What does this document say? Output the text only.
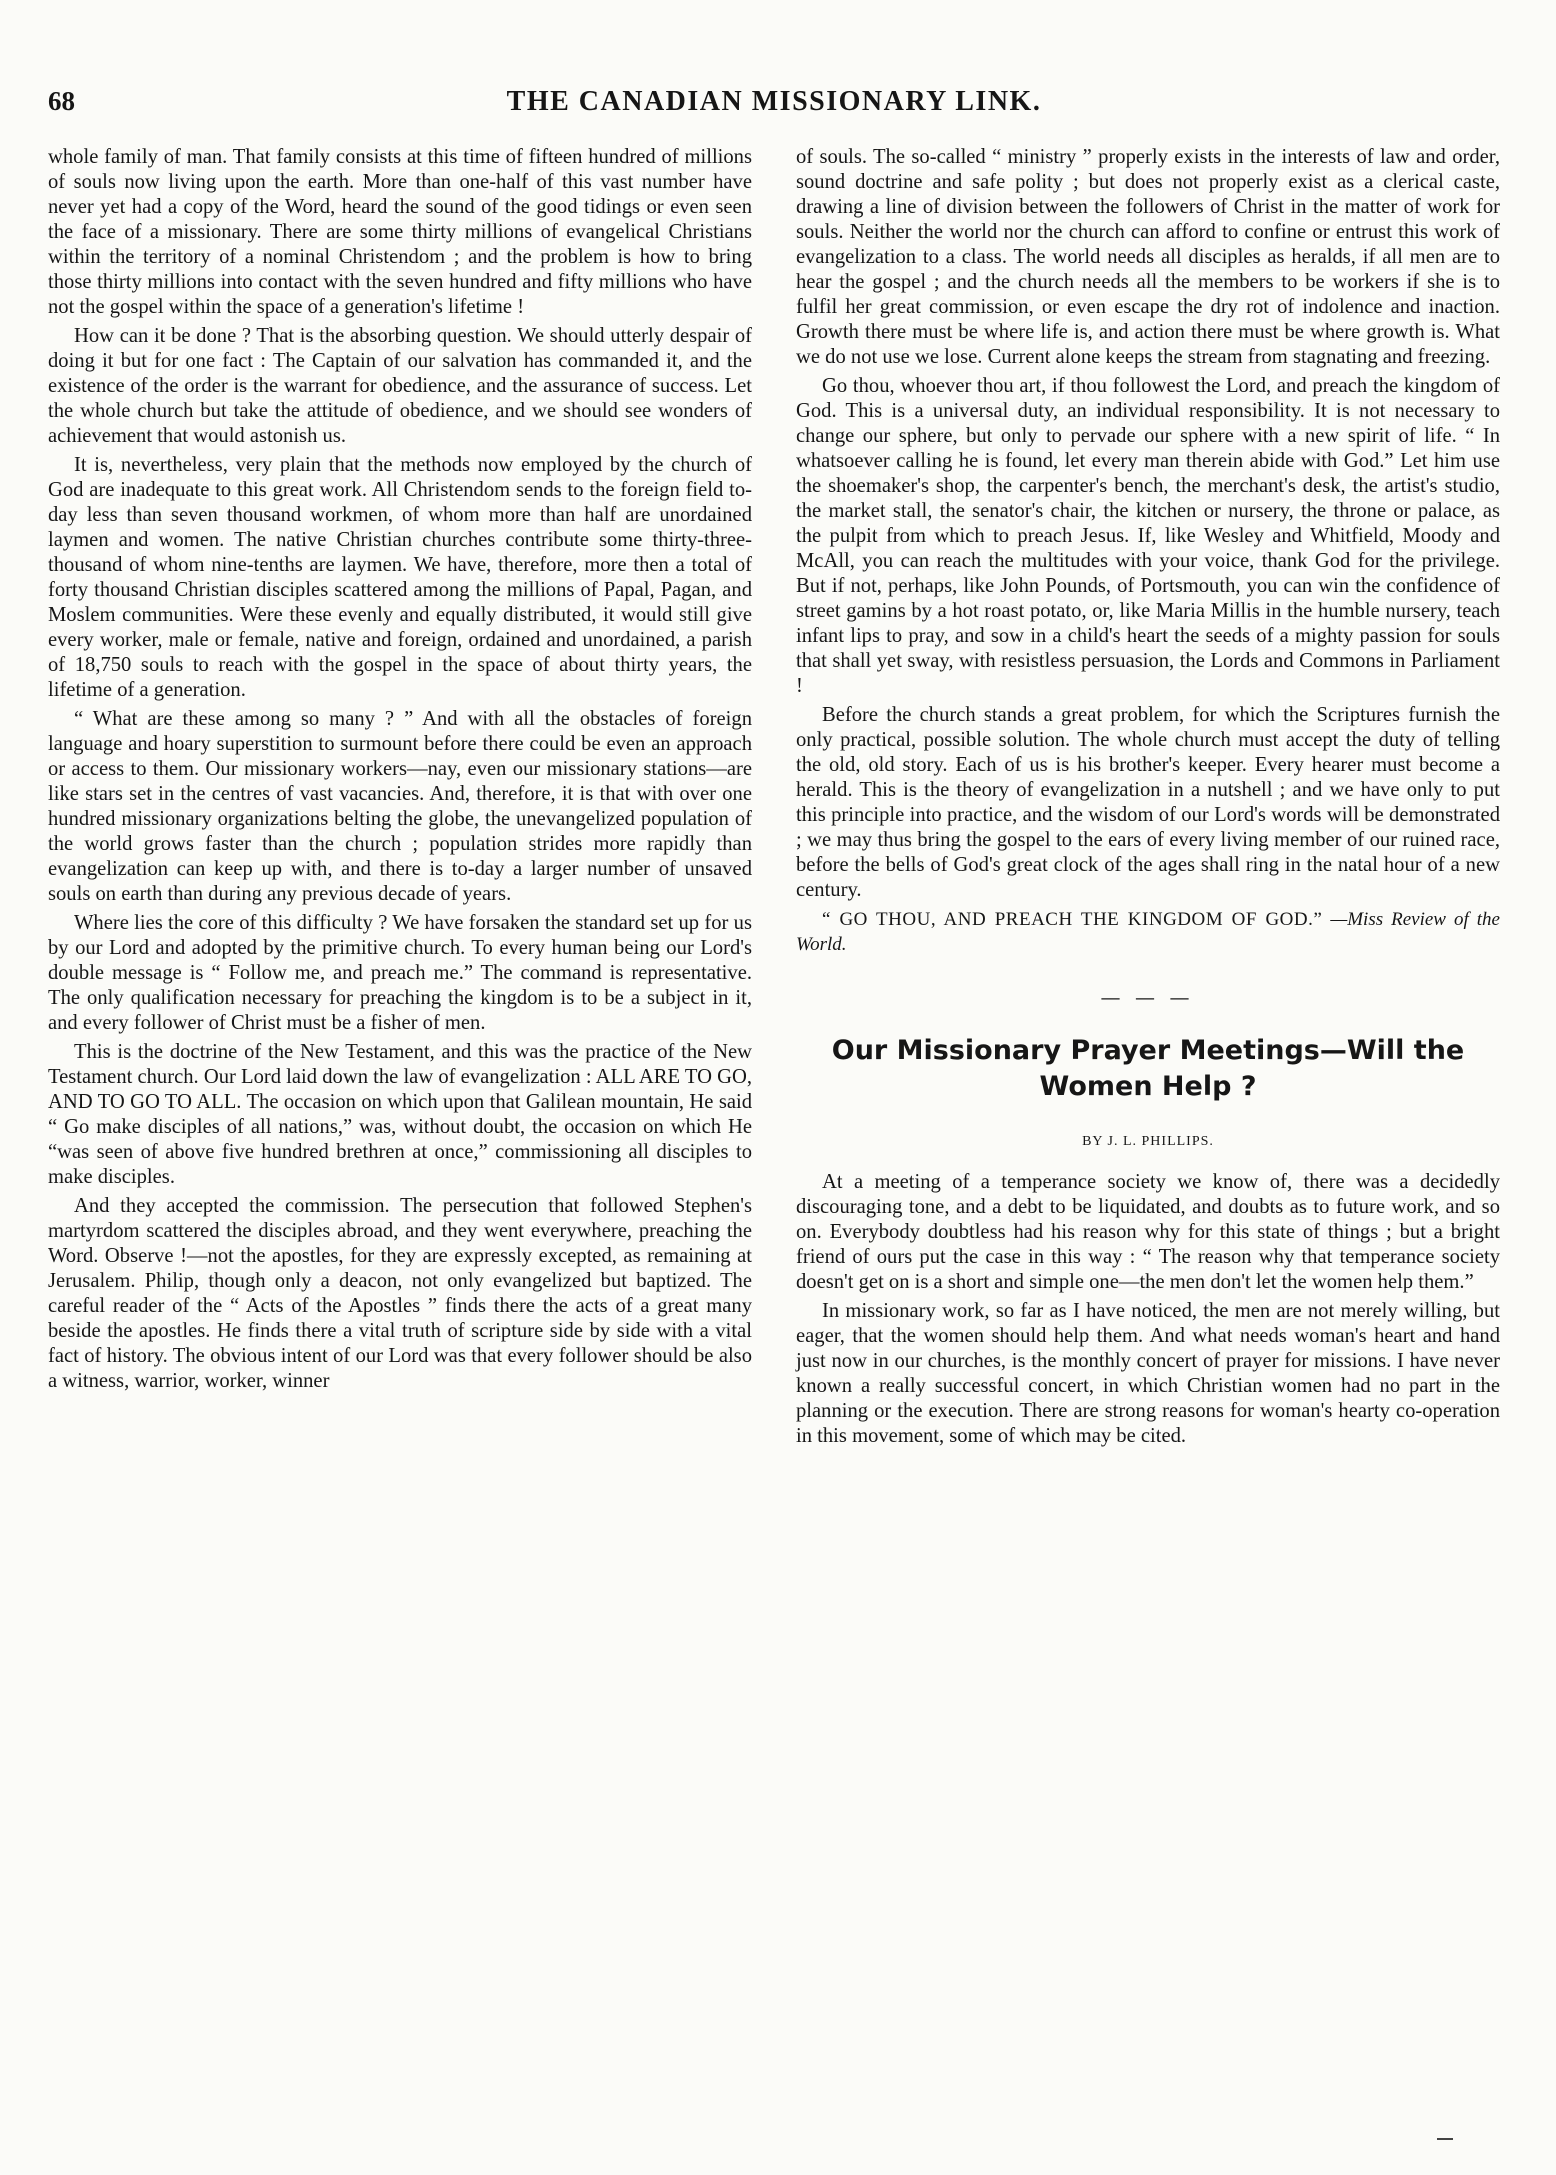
68	THE CANADIAN MISSIONARY LINK.

whole family of man. That family consists at this time of fifteen hundred of millions of souls now living upon the earth. More than one-half of this vast number have never yet had a copy of the Word, heard the sound of the good tidings or even seen the face of a missionary. There are some thirty millions of evangelical Christians within the territory of a nominal Christendom ; and the problem is how to bring those thirty millions into contact with the seven hundred and fifty millions who have not the gospel within the space of a generation's lifetime !

How can it be done ? That is the absorbing question. We should utterly despair of doing it but for one fact : The Captain of our salvation has commanded it, and the existence of the order is the warrant for obedience, and the assurance of success. Let the whole church but take the attitude of obedience, and we should see wonders of achievement that would astonish us.

It is, nevertheless, very plain that the methods now employed by the church of God are inadequate to this great work. All Christendom sends to the foreign field to-day less than seven thousand workmen, of whom more than half are unordained laymen and women. The native Christian churches contribute some thirty-three-thousand of whom nine-tenths are laymen. We have, therefore, more then a total of forty thousand Christian disciples scattered among the millions of Papal, Pagan, and Moslem communities. Were these evenly and equally distributed, it would still give every worker, male or female, native and foreign, ordained and unordained, a parish of 18,750 souls to reach with the gospel in the space of about thirty years, the lifetime of a generation.

“ What are these among so many ? ” And with all the obstacles of foreign language and hoary superstition to surmount before there could be even an approach or access to them. Our missionary workers—nay, even our missionary stations—are like stars set in the centres of vast vacancies. And, therefore, it is that with over one hundred missionary organizations belting the globe, the unevangelized population of the world grows faster than the church ; population strides more rapidly than evangelization can keep up with, and there is to-day a larger number of unsaved souls on earth than during any previous decade of years.

Where lies the core of this difficulty ? We have forsaken the standard set up for us by our Lord and adopted by the primitive church. To every human being our Lord's double message is “ Follow me, and preach me.” The command is representative. The only qualification necessary for preaching the kingdom is to be a subject in it, and every follower of Christ must be a fisher of men.

This is the doctrine of the New Testament, and this was the practice of the New Testament church. Our Lord laid down the law of evangelization : ALL ARE TO GO, AND TO GO TO ALL. The occasion on which upon that Galilean mountain, He said “ Go make disciples of all nations,” was, without doubt, the occasion on which He “was seen of above five hundred brethren at once,” commissioning all disciples to make disciples.

And they accepted the commission. The persecution that followed Stephen's martyrdom scattered the disciples abroad, and they went everywhere, preaching the Word. Observe !—not the apostles, for they are expressly excepted, as remaining at Jerusalem. Philip, though only a deacon, not only evangelized but baptized. The careful reader of the “ Acts of the Apostles ” finds there the acts of a great many beside the apostles. He finds there a vital truth of scripture side by side with a vital fact of history. The obvious intent of our Lord was that every follower should be also a witness, warrior, worker, winner

of souls. The so-called “ ministry ” properly exists in the interests of law and order, sound doctrine and safe polity ; but does not properly exist as a clerical caste, drawing a line of division between the followers of Christ in the matter of work for souls. Neither the world nor the church can afford to confine or entrust this work of evangelization to a class. The world needs all disciples as heralds, if all men are to hear the gospel ; and the church needs all the members to be workers if she is to fulfil her great commission, or even escape the dry rot of indolence and inaction. Growth there must be where life is, and action there must be where growth is. What we do not use we lose. Current alone keeps the stream from stagnating and freezing.

Go thou, whoever thou art, if thou followest the Lord, and preach the kingdom of God. This is a universal duty, an individual responsibility. It is not necessary to change our sphere, but only to pervade our sphere with a new spirit of life. “ In whatsoever calling he is found, let every man therein abide with God.” Let him use the shoemaker's shop, the carpenter's bench, the merchant's desk, the artist's studio, the market stall, the senator's chair, the kitchen or nursery, the throne or palace, as the pulpit from which to preach Jesus. If, like Wesley and Whitfield, Moody and McAll, you can reach the multitudes with your voice, thank God for the privilege. But if not, perhaps, like John Pounds, of Portsmouth, you can win the confidence of street gamins by a hot roast potato, or, like Maria Millis in the humble nursery, teach infant lips to pray, and sow in a child's heart the seeds of a mighty passion for souls that shall yet sway, with resistless persuasion, the Lords and Commons in Parliament !

Before the church stands a great problem, for which the Scriptures furnish the only practical, possible solution. The whole church must accept the duty of telling the old, old story. Each of us is his brother's keeper. Every hearer must become a herald. This is the theory of evangelization in a nutshell ; and we have only to put this principle into practice, and the wisdom of our Lord's words will be demonstrated ; we may thus bring the gospel to the ears of every living member of our ruined race, before the bells of God's great clock of the ages shall ring in the natal hour of a new century.

“ GO THOU, AND PREACH THE KINGDOM OF GOD.” —Miss Review of the World.

— — —
Our Missionary Prayer Meetings—Will the Women Help ?
BY J. L. PHILLIPS.

At a meeting of a temperance society we know of, there was a decidedly discouraging tone, and a debt to be liquidated, and doubts as to future work, and so on. Everybody doubtless had his reason why for this state of things ; but a bright friend of ours put the case in this way : “ The reason why that temperance society doesn't get on is a short and simple one—the men don't let the women help them.”

In missionary work, so far as I have noticed, the men are not merely willing, but eager, that the women should help them. And what needs woman's heart and hand just now in our churches, is the monthly concert of prayer for missions. I have never known a really successful concert, in which Christian women had no part in the planning or the execution. There are strong reasons for woman's hearty co-operation in this movement, some of which may be cited.
